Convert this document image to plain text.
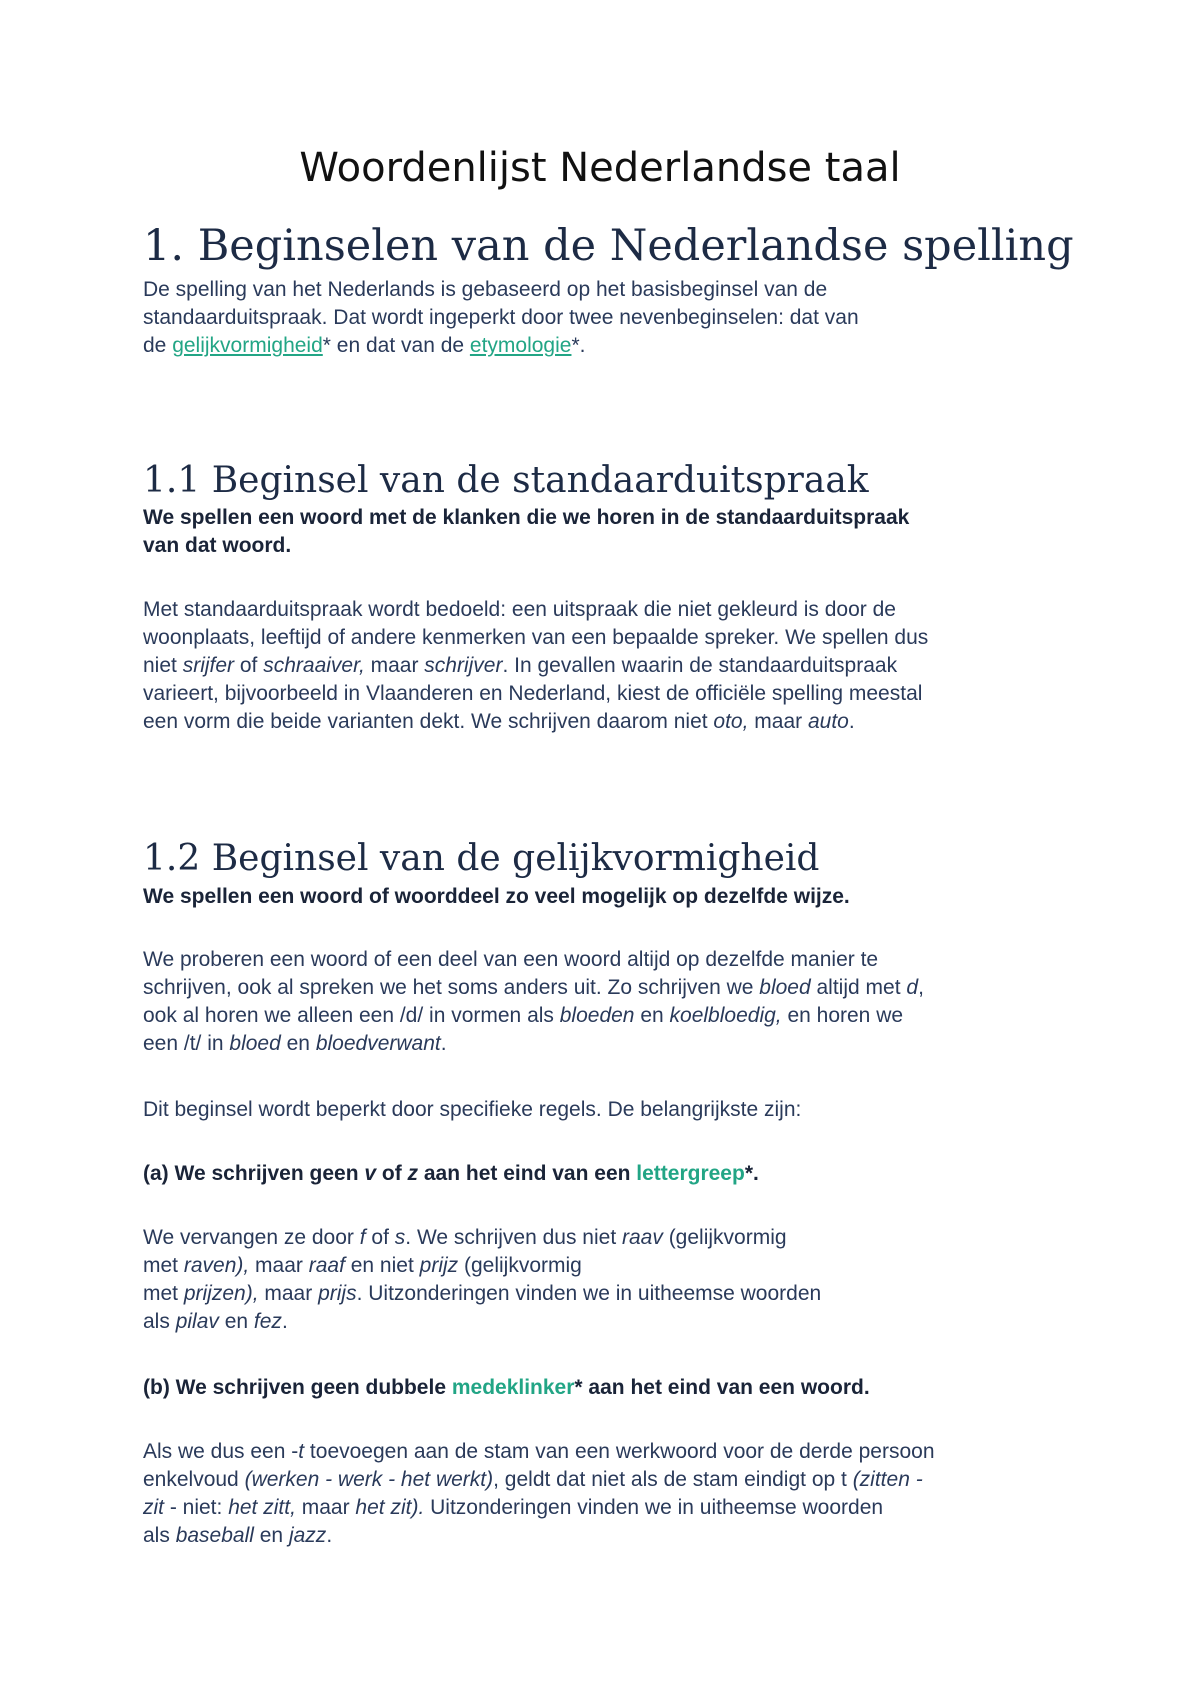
Woordenlijst Nederlandse taal
1. Beginselen van de Nederlandse spelling

De spelling van het Nederlands is gebaseerd op het basisbeginsel van de
standaarduitspraak. Dat wordt ingeperkt door twee nevenbeginselen: dat van
de gelijkvormigheid* en dat van de etymologie*.

1.1 Beginsel van de standaarduitspraak

We spellen een woord met de klanken die we horen in de standaarduitspraak
van dat woord.

Met standaarduitspraak wordt bedoeld: een uitspraak die niet gekleurd is door de
woonplaats, leeftijd of andere kenmerken van een bepaalde spreker. We spellen dus
niet srijfer of schraaiver, maar schrijver. In gevallen waarin de standaarduitspraak
varieert, bijvoorbeeld in Vlaanderen en Nederland, kiest de officiële spelling meestal
een vorm die beide varianten dekt. We schrijven daarom niet oto, maar auto.

1.2 Beginsel van de gelijkvormigheid

We spellen een woord of woorddeel zo veel mogelijk op dezelfde wijze.

We proberen een woord of een deel van een woord altijd op dezelfde manier te
schrijven, ook al spreken we het soms anders uit. Zo schrijven we bloed altijd met d,
ook al horen we alleen een /d/ in vormen als bloeden en koelbloedig, en horen we
een /t/ in bloed en bloedverwant.

Dit beginsel wordt beperkt door specifieke regels. De belangrijkste zijn:

(a) We schrijven geen v of z aan het eind van een lettergreep*.

We vervangen ze door f of s. We schrijven dus niet raav (gelijkvormig
met raven), maar raaf en niet prijz (gelijkvormig
met prijzen), maar prijs. Uitzonderingen vinden we in uitheemse woorden
als pilav en fez.

(b) We schrijven geen dubbele medeklinker* aan het eind van een woord.

Als we dus een -t toevoegen aan de stam van een werkwoord voor de derde persoon
enkelvoud (werken - werk - het werkt), geldt dat niet als de stam eindigt op t (zitten -
zit - niet: het zitt, maar het zit). Uitzonderingen vinden we in uitheemse woorden
als baseball en jazz.
